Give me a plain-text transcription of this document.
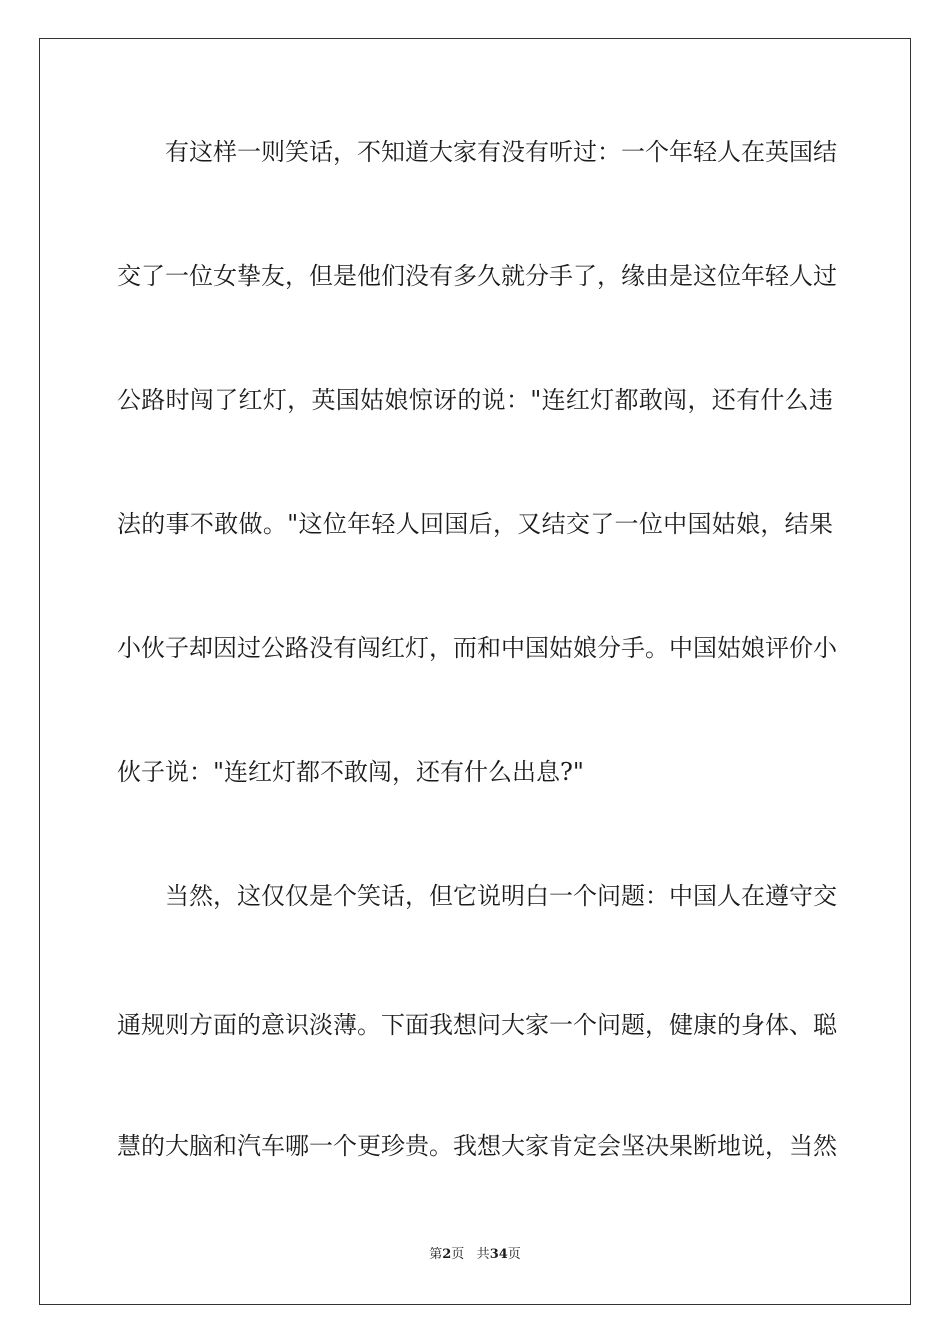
有这样一则笑话，不知道大家有没有听过：一个年轻人在英国结
交了一位女挚友，但是他们没有多久就分手了，缘由是这位年轻人过
公路时闯了红灯，英国姑娘惊讶的说："连红灯都敢闯，还有什么违
法的事不敢做。"这位年轻人回国后，又结交了一位中国姑娘，结果
小伙子却因过公路没有闯红灯，而和中国姑娘分手。中国姑娘评价小
伙子说："连红灯都不敢闯，还有什么出息?"
当然，这仅仅是个笑话，但它说明白一个问题：中国人在遵守交
通规则方面的意识淡薄。下面我想问大家一个问题，健康的身体、聪
慧的大脑和汽车哪一个更珍贵。我想大家肯定会坚决果断地说，当然
第2页 共34页
